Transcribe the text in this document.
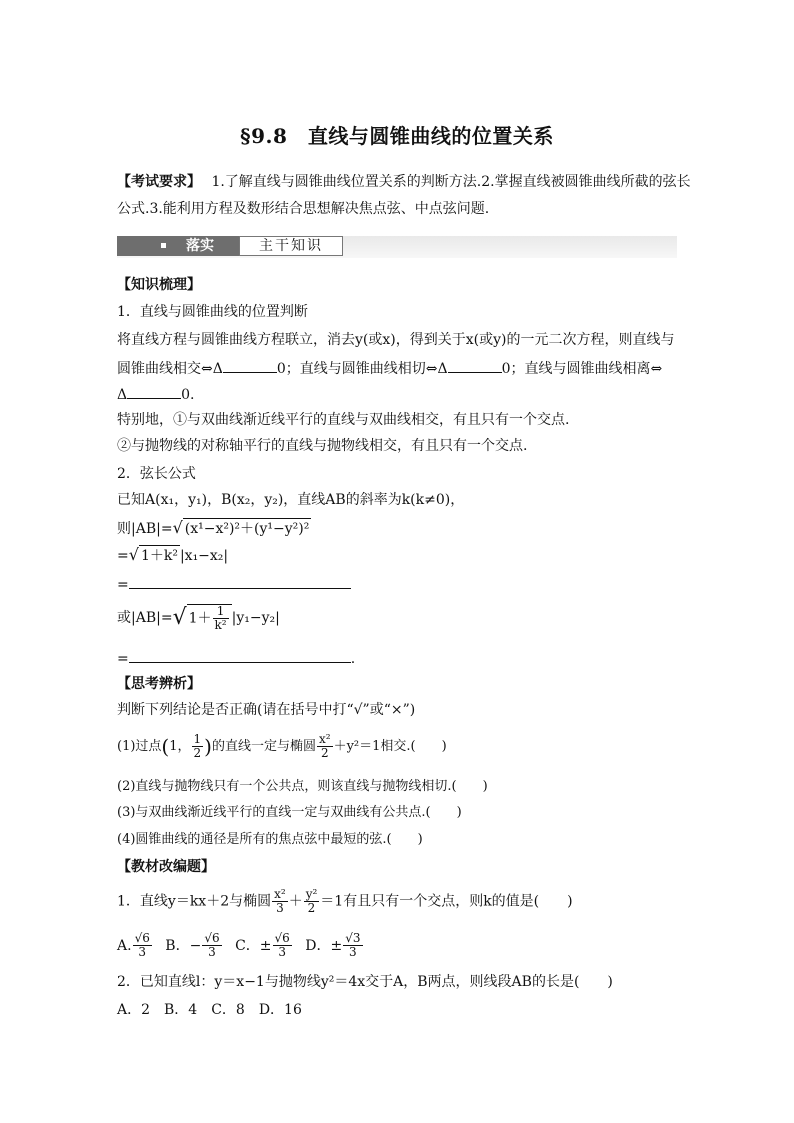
§9.8　直线与圆锥曲线的位置关系
【考试要求】 1.了解直线与圆锥曲线位置关系的判断方法.2.掌握直线被圆锥曲线所截的弦长
公式.3.能利用方程及数形结合思想解决焦点弦、中点弦问题.
落实	主干知识
【知识梳理】
1．直线与圆锥曲线的位置判断
将直线方程与圆锥曲线方程联立，消去y(或x)，得到关于x(或y)的一元二次方程，则直线与
圆锥曲线相交⇔Δ	0；直线与圆锥曲线相切⇔Δ	0；直线与圆锥曲线相离⇔
Δ	0.
特别地，①与双曲线渐近线平行的直线与双曲线相交，有且只有一个交点.
②与抛物线的对称轴平行的直线与抛物线相交，有且只有一个交点.
2．弦长公式
已知A(x₁，y₁)，B(x₂，y₂)，直线AB的斜率为k(k≠0)，
则|AB|=√ (x¹−x²)²＋(y¹−y²)²
=√ 1＋k² |x₁−x₂|
=
或|AB|=√ $1+ \frac{1}{\text{k²}} |y_1-y_2|$
=	.
【思考辨析】
判断下列结论是否正确(请在括号中打“√”或“×”)
(1)过点(1， $\frac{1}{2}$ )的直线一定与椭圆 $\frac{\text{x²}}{2} +y^2=1$相交.(　　)
(2)直线与抛物线只有一个公共点，则该直线与抛物线相切.(　　)
(3)与双曲线渐近线平行的直线一定与双曲线有公共点.(　　)
(4)圆锥曲线的通径是所有的焦点弦中最短的弦.(　　)
【教材改编题】
1．直线y＝kx＋2与椭圆 $\frac{\text{x²}}{3} + \frac{\text{y²}}{2} =1$有且只有一个交点，则k的值是(　　)
A. $\frac{√6}{3}$ B．− $\frac{√6}{3}$ C．± $\frac{√6}{3}$ D．± $\frac{√3}{3}$
2．已知直线l：y＝x−1与抛物线y²＝4x交于A，B两点，则线段AB的长是(　　)
A．2　B．4　C．8　D．16
